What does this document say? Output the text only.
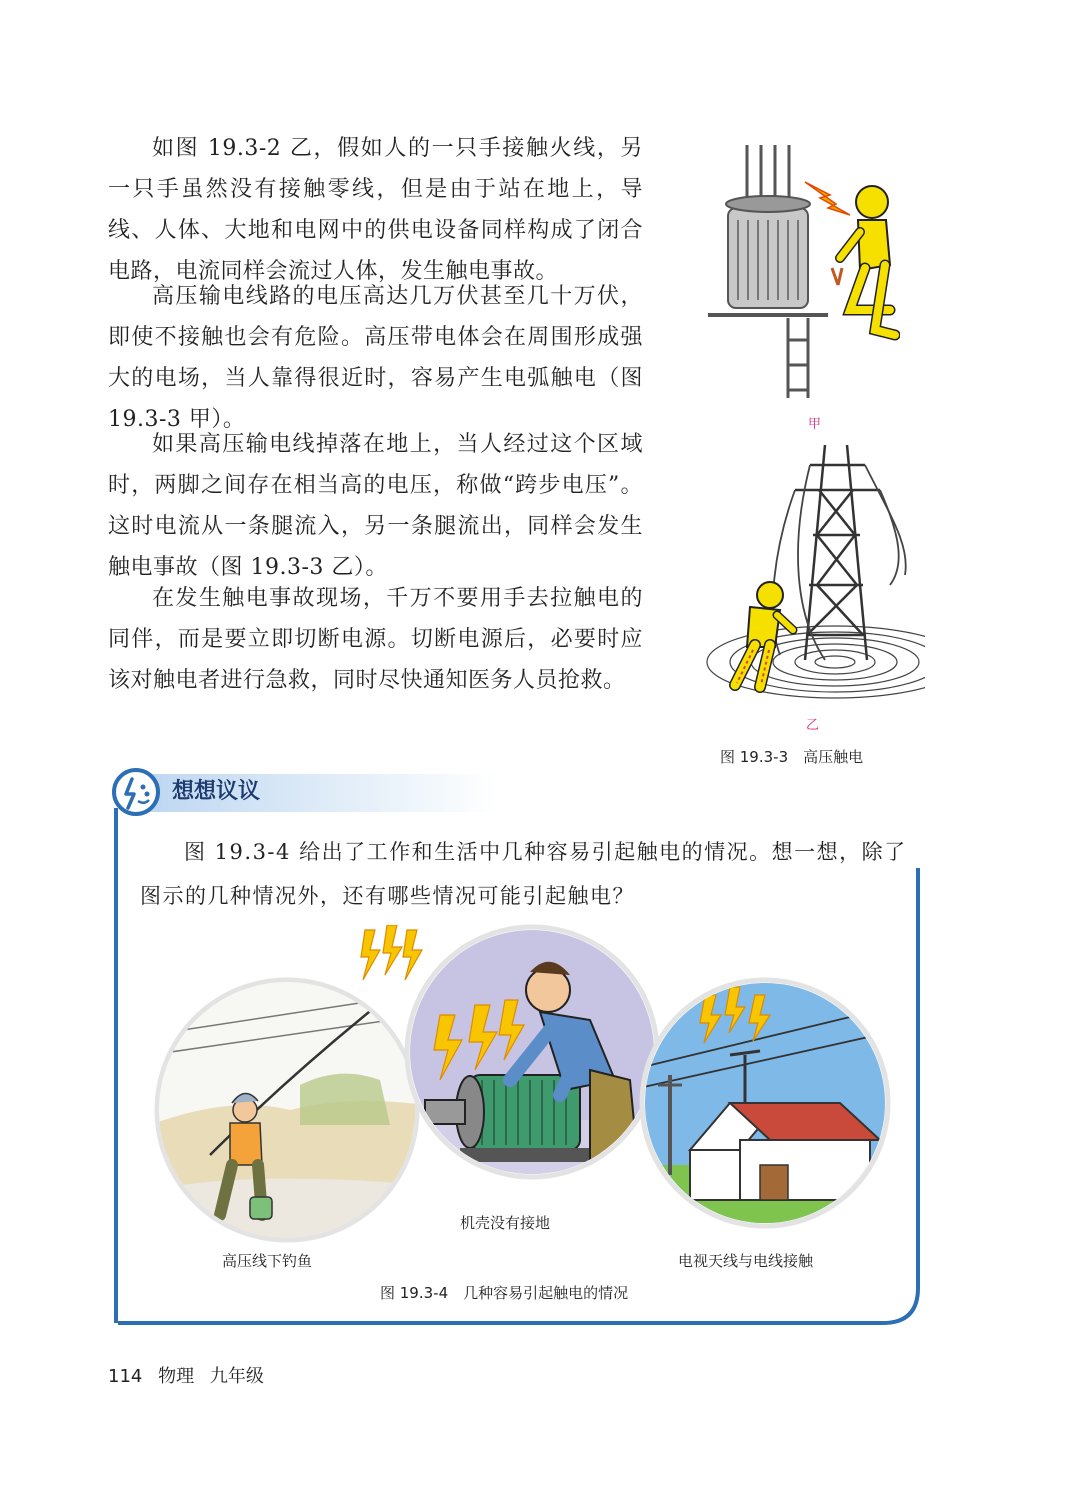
如图 19.3-2 乙，假如人的一只手接触火线，另一只手虽然没有接触零线，但是由于站在地上，导线、人体、大地和电网中的供电设备同样构成了闭合电路，电流同样会流过人体，发生触电事故。

高压输电线路的电压高达几万伏甚至几十万伏，即使不接触也会有危险。高压带电体会在周围形成强大的电场，当人靠得很近时，容易产生电弧触电（图 19.3-3 甲）。

如果高压输电线掉落在地上，当人经过这个区域时，两脚之间存在相当高的电压，称做“跨步电压”。这时电流从一条腿流入，另一条腿流出，同样会发生触电事故（图 19.3-3 乙）。

在发生触电事故现场，千万不要用手去拉触电的同伴，而是要立即切断电源。切断电源后，必要时应该对触电者进行急救，同时尽快通知医务人员抢救。

甲
乙
图 19.3-3　高压触电
想想议议

图 19.3-4 给出了工作和生活中几种容易引起触电的情况。想一想，除了图示的几种情况外，还有哪些情况可能引起触电？

机壳没有接地
高压线下钓鱼	电视天线与电线接触
图 19.3-4　几种容易引起触电的情况
114 物理 九年级
